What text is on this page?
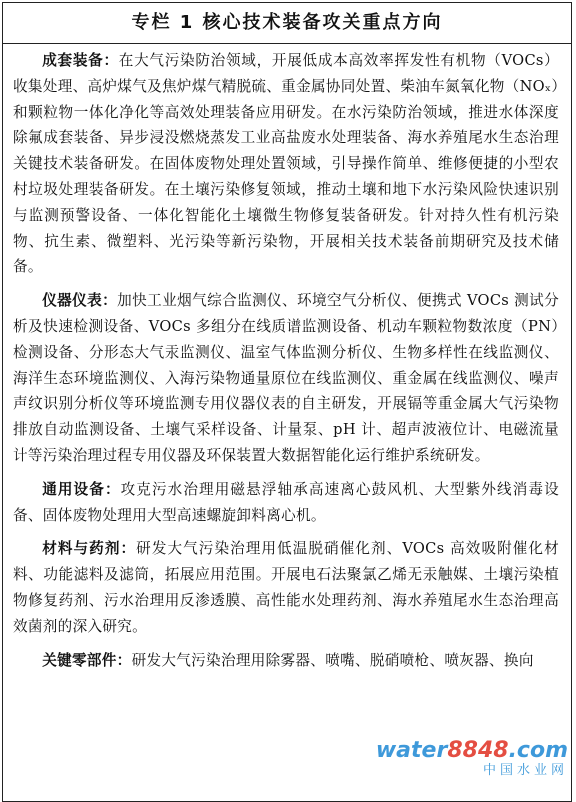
专栏 1 核心技术装备攻关重点方向

成套装备：在大气污染防治领域，开展低成本高效率挥发性有机物（VOCs）收集处理、高炉煤气及焦炉煤气精脱硫、重金属协同处置、柴油车氮氧化物（NOₓ）和颗粒物一体化净化等高效处理装备应用研发。在水污染防治领域，推进水体深度除氟成套装备、异步浸没燃烧蒸发工业高盐废水处理装备、海水养殖尾水生态治理关键技术装备研发。在固体废物处理处置领域，引导操作简单、维修便捷的小型农村垃圾处理装备研发。在土壤污染修复领域，推动土壤和地下水污染风险快速识别与监测预警设备、一体化智能化土壤微生物修复装备研发。针对持久性有机污染物、抗生素、微塑料、光污染等新污染物，开展相关技术装备前期研究及技术储备。

仪器仪表：加快工业烟气综合监测仪、环境空气分析仪、便携式 VOCs 测试分析及快速检测设备、VOCs 多组分在线质谱监测设备、机动车颗粒物数浓度（PN）检测设备、分形态大气汞监测仪、温室气体监测分析仪、生物多样性在线监测仪、海洋生态环境监测仪、入海污染物通量原位在线监测仪、重金属在线监测仪、噪声声纹识别分析仪等环境监测专用仪器仪表的自主研发，开展镉等重金属大气污染物排放自动监测设备、土壤气采样设备、计量泵、pH 计、超声波液位计、电磁流量计等污染治理过程专用仪器及环保装置大数据智能化运行维护系统研发。

通用设备：攻克污水治理用磁悬浮轴承高速离心鼓风机、大型紫外线消毒设备、固体废物处理用大型高速螺旋卸料离心机。

材料与药剂：研发大气污染治理用低温脱硝催化剂、VOCs 高效吸附催化材料、功能滤料及滤筒，拓展应用范围。开展电石法聚氯乙烯无汞触媒、土壤污染植物修复药剂、污水治理用反渗透膜、高性能水处理药剂、海水养殖尾水生态治理高效菌剂的深入研究。

关键零部件：研发大气污染治理用除雾器、喷嘴、脱硝喷枪、喷灰器、换向

water8848.com
中国水业网
